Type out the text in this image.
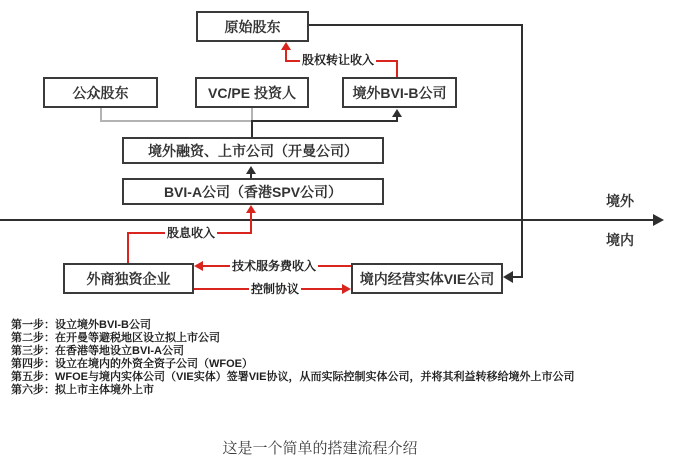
境外
境内
股权转让收入
股息收入
技术服务费收入
控制协议
原始股东
公众股东	VC/PE 投资人	境外BVI-B公司
境外融资、上市公司（开曼公司）
BVI-A公司（香港SPV公司）
外商独资企业	境内经营实体VIE公司
第一步：设立境外BVI-B公司
第二步：在开曼等避税地区设立拟上市公司
第三步：在香港等地设立BVI-A公司
第四步：设立在境内的外资全资子公司（WFOE）
第五步：WFOE与境内实体公司（VIE实体）签署VIE协议，从而实际控制实体公司，并将其利益转移给境外上市公司
第六步：拟上市主体境外上市
这是一个简单的搭建流程介绍
